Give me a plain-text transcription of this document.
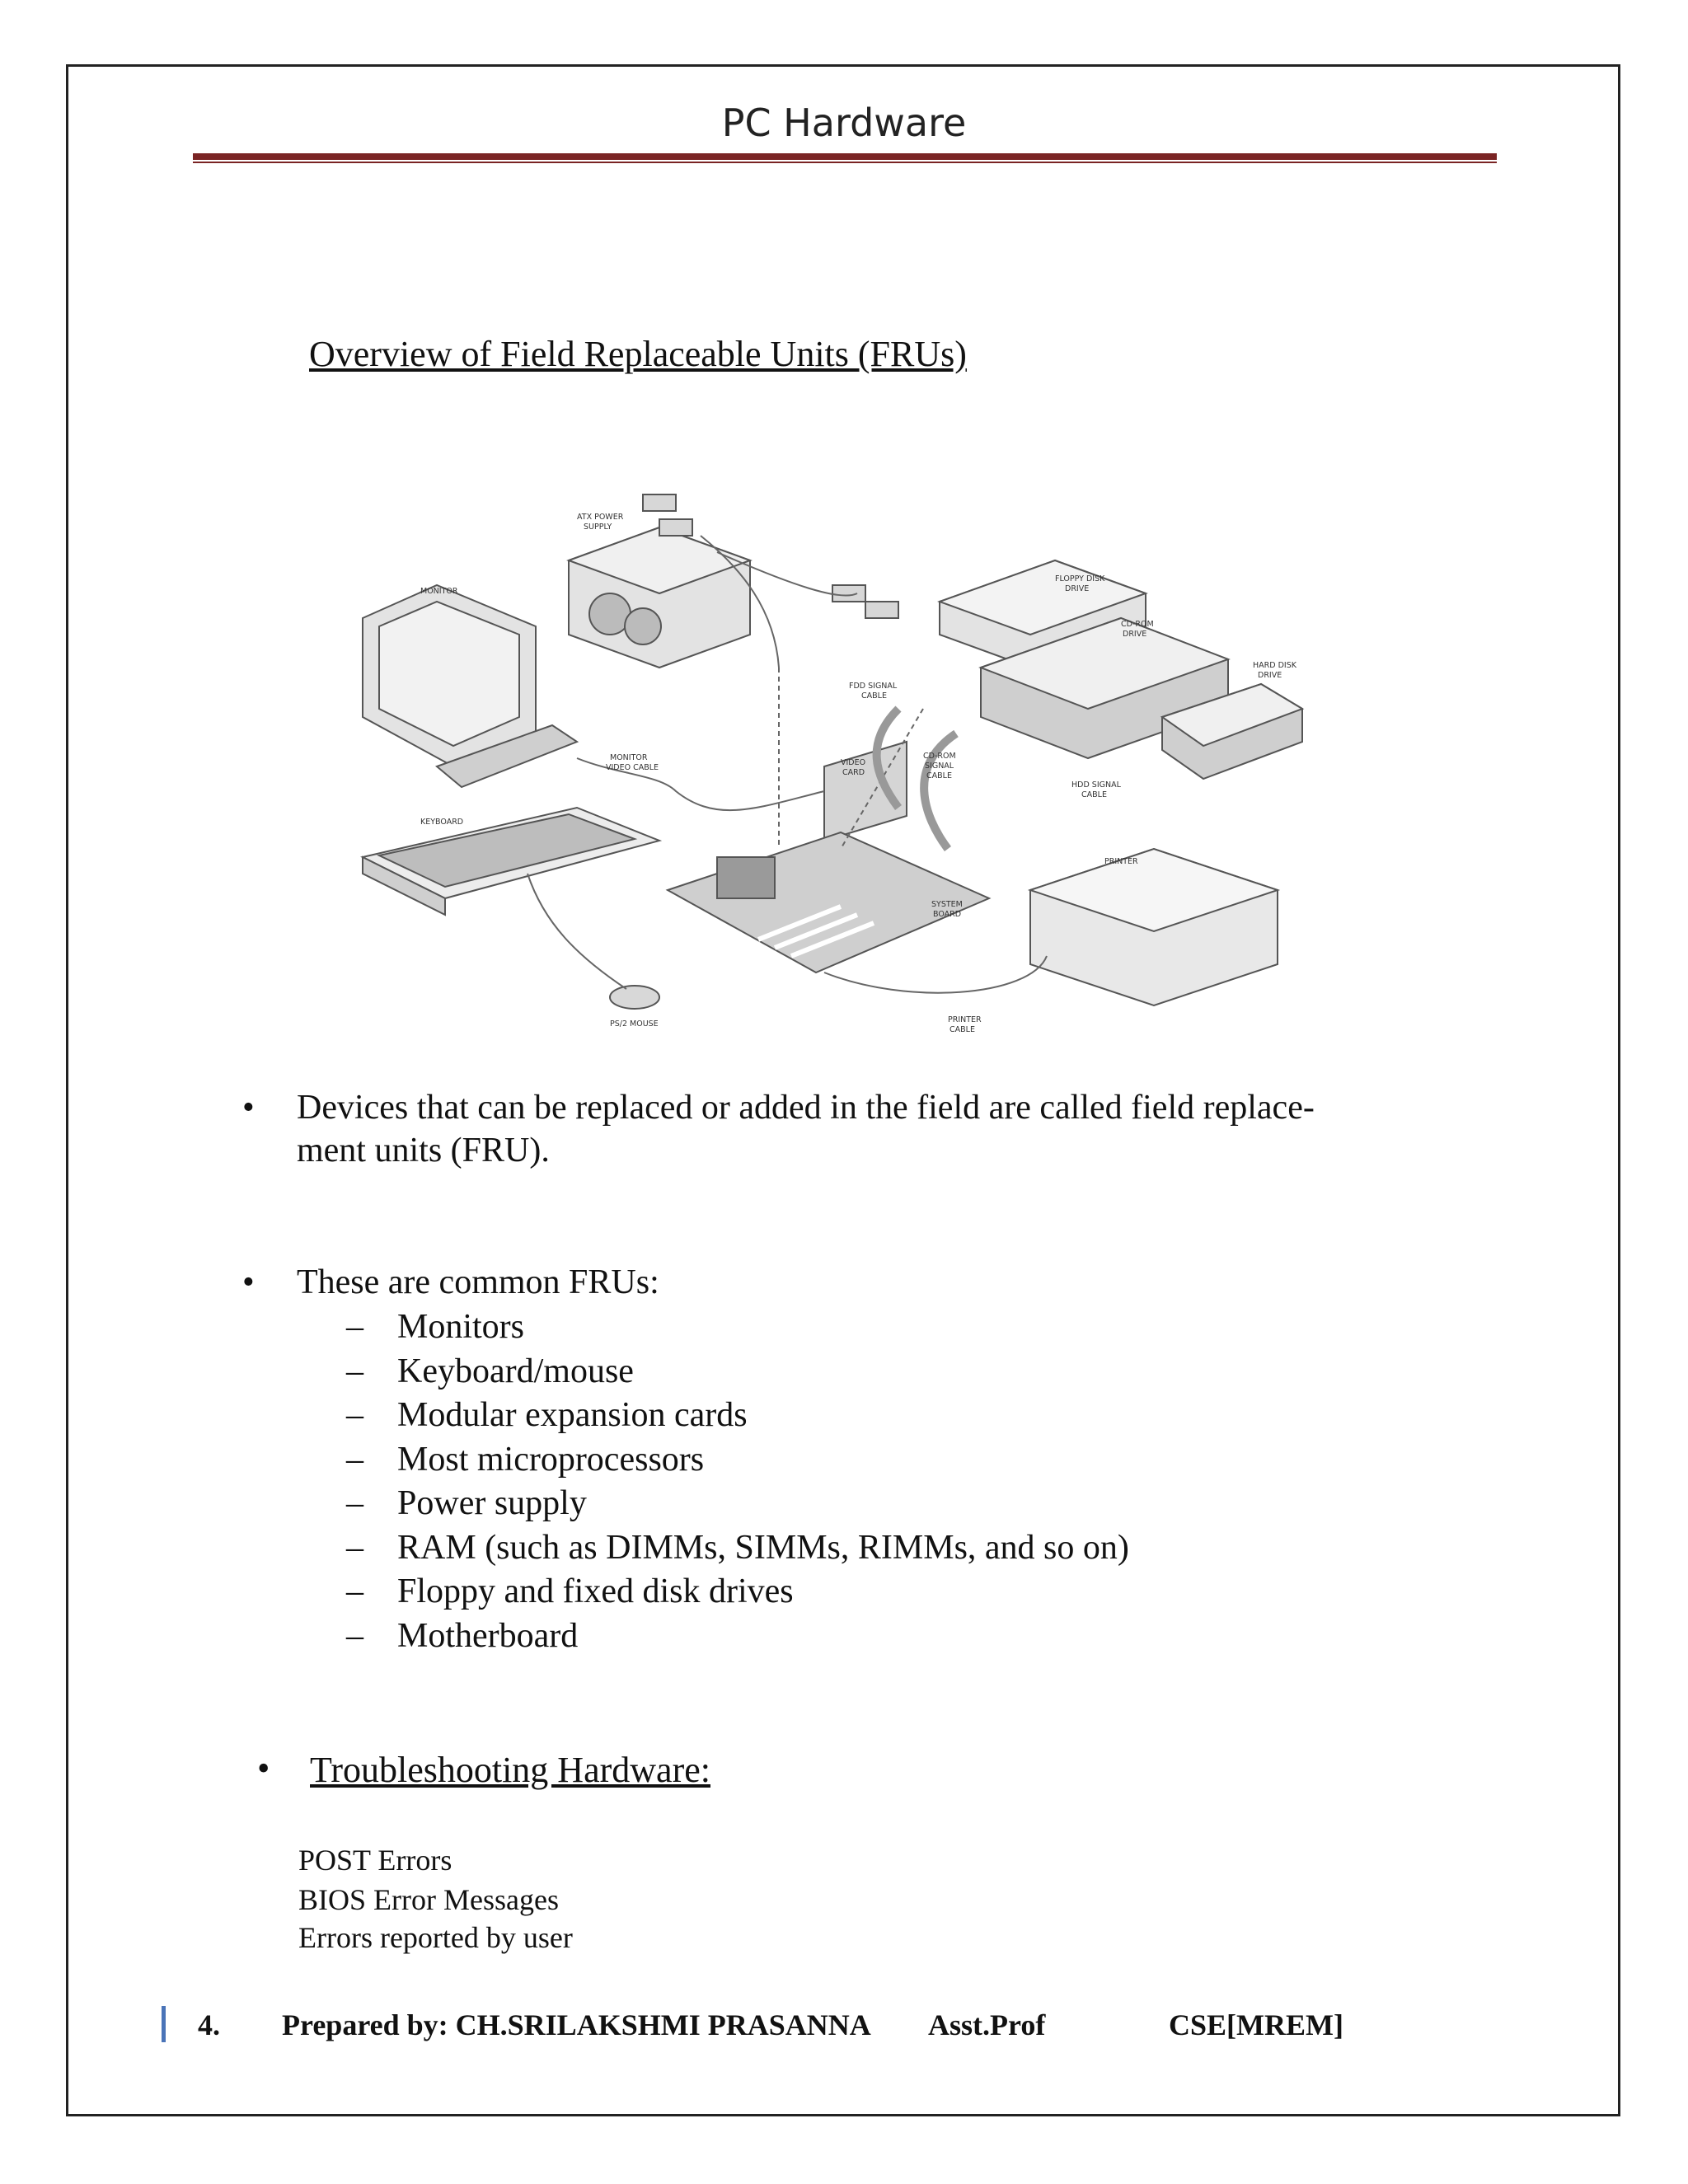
PC Hardware
Overview of Field Replaceable Units (FRUs)
ATX POWER
SUPPLY
MONITOR
FLOPPY DISK
DRIVE
CD-ROM
DRIVE
HARD DISK
DRIVE
FDD SIGNAL
CABLE
MONITOR
VIDEO CABLE
VIDEO
CARD
CD-ROM
SIGNAL
CABLE
HDD SIGNAL
CABLE
KEYBOARD
PRINTER
SYSTEM
BOARD
PS/2 MOUSE	PRINTER
CABLE
• Devices that can be replaced or added in the field are called field replace-
ment units (FRU).
• These are common FRUs:
– Monitors
– Keyboard/mouse
– Modular expansion cards
– Most microprocessors
– Power supply
– RAM (such as DIMMs, SIMMs, RIMMs, and so on)
– Floppy and fixed disk drives
– Motherboard
• Troubleshooting Hardware:
POST Errors
BIOS Error Messages
Errors reported by user
4. Prepared by: CH.SRILAKSHMI PRASANNA Asst.Prof	CSE[MREM]
